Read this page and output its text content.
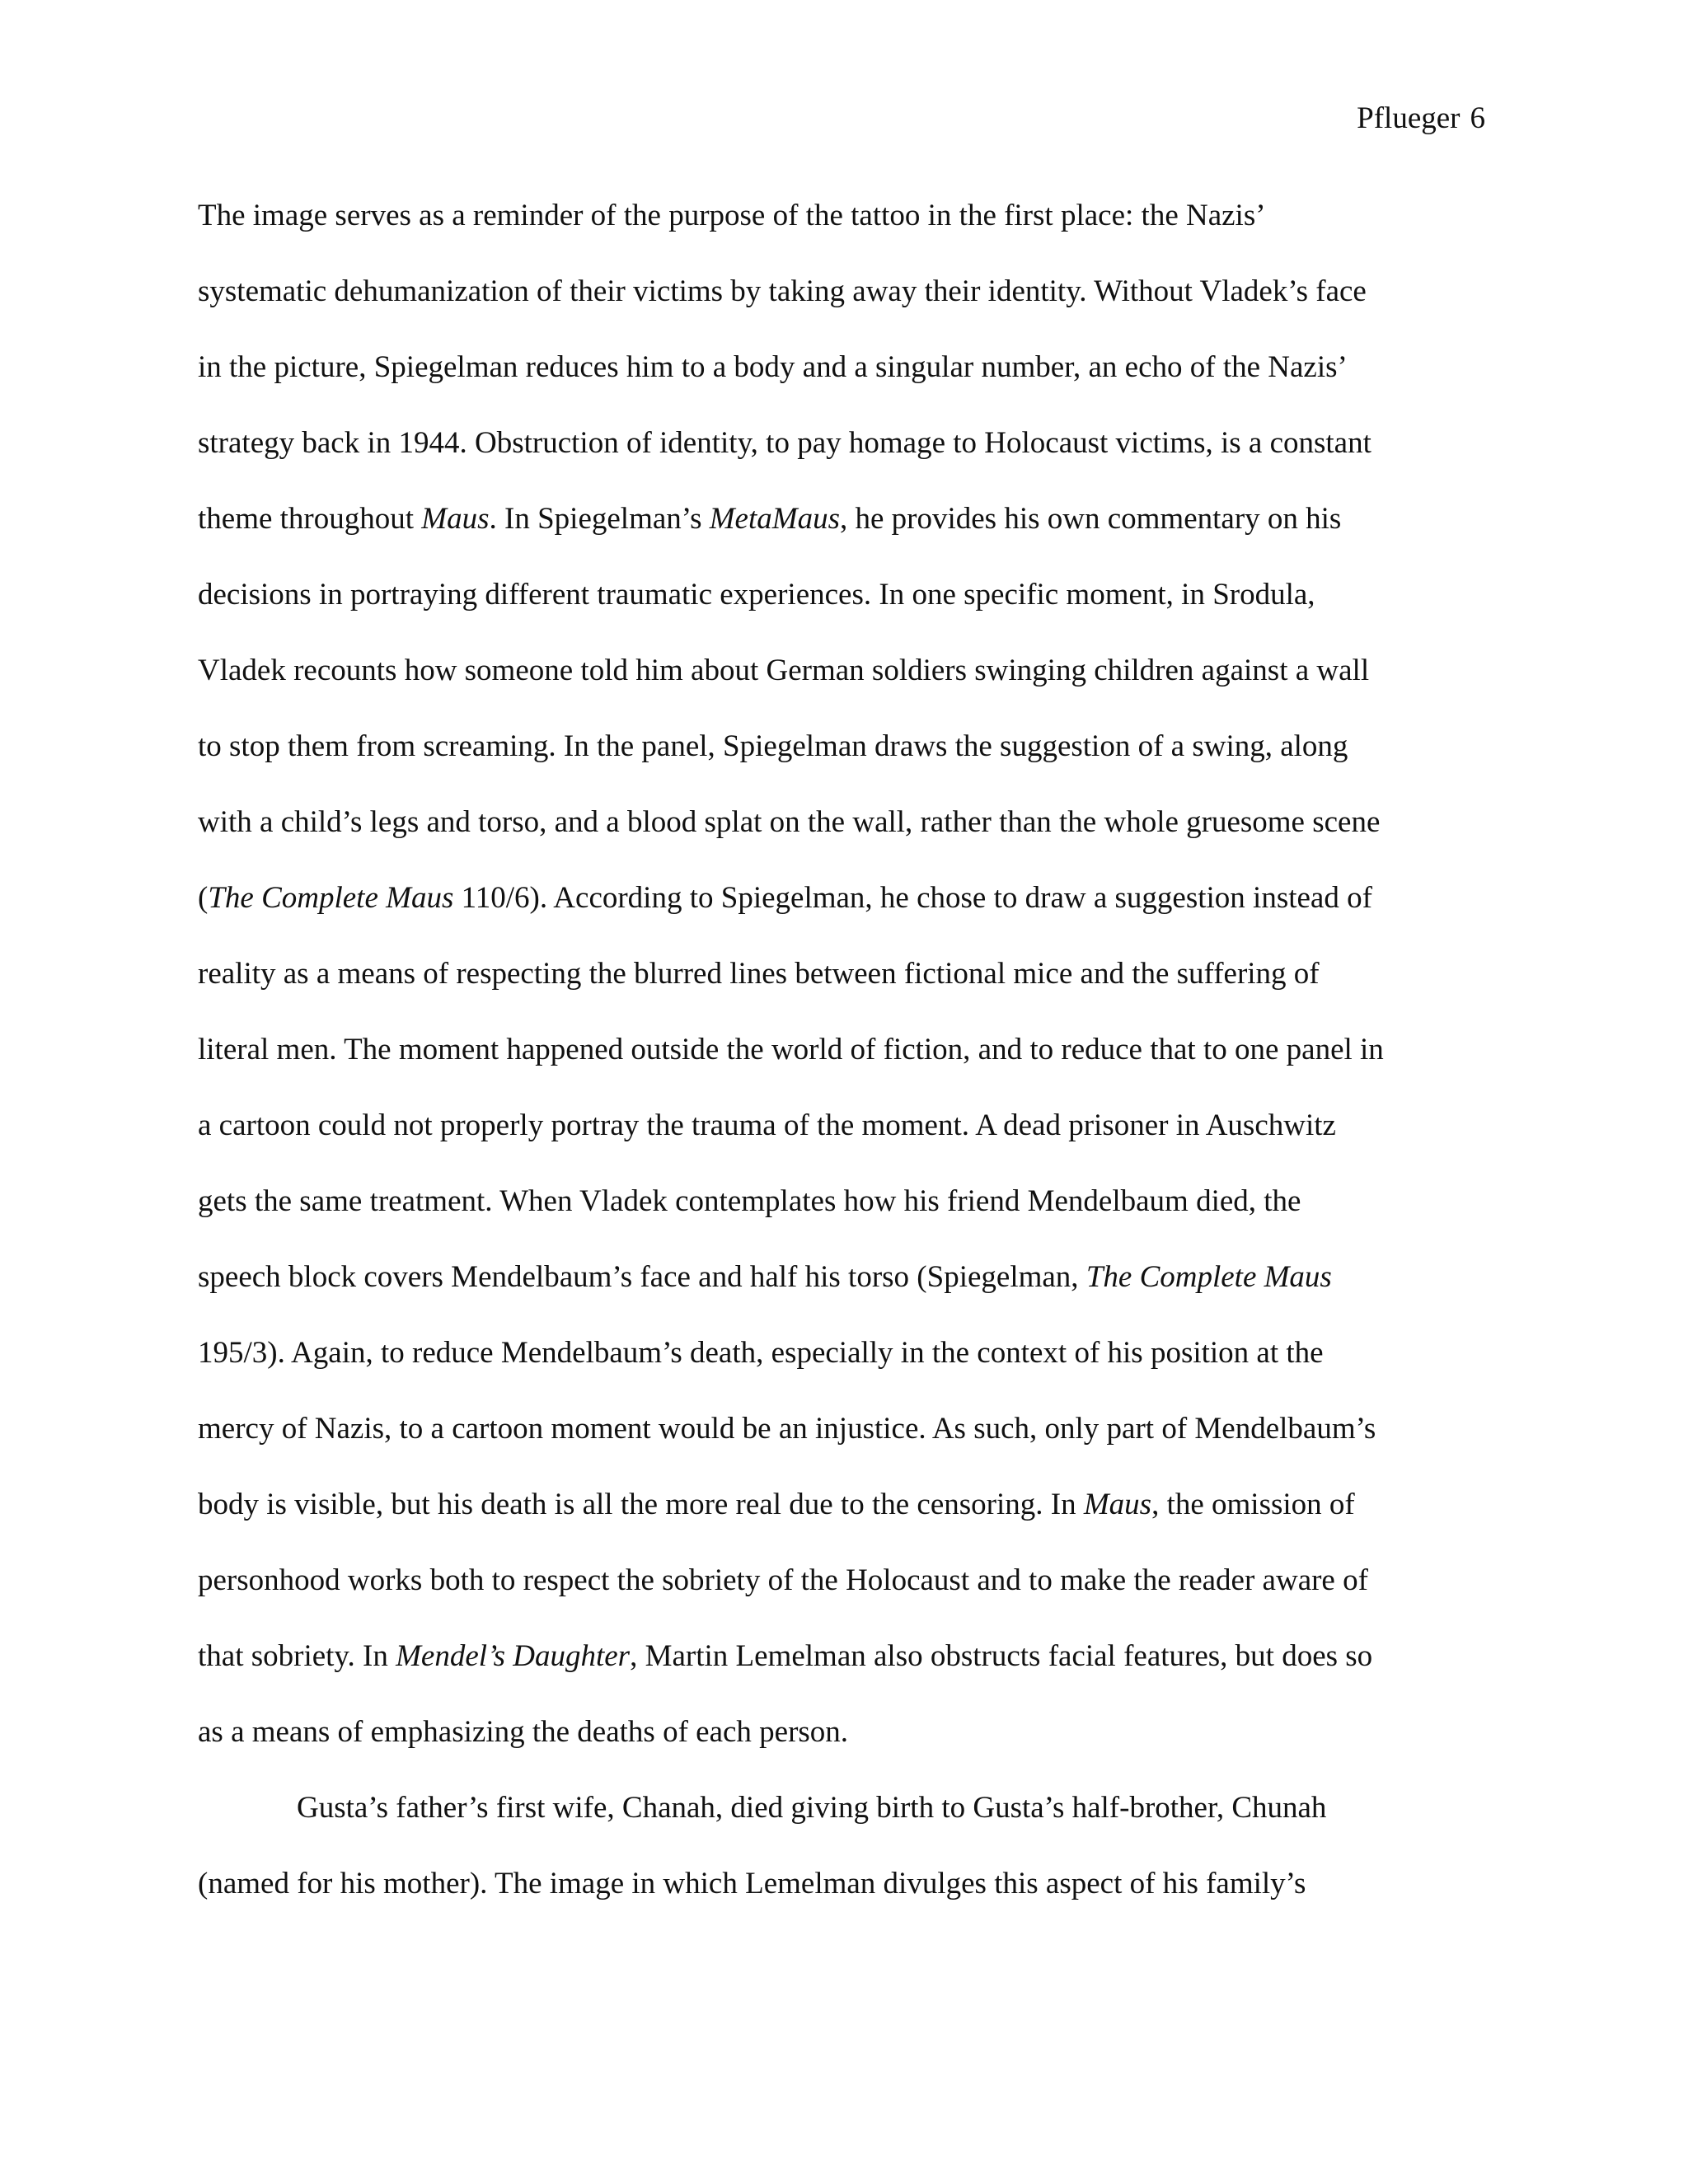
Pflueger 6
The image serves as a reminder of the purpose of the tattoo in the first place: the Nazis’
systematic dehumanization of their victims by taking away their identity. Without Vladek’s face
in the picture, Spiegelman reduces him to a body and a singular number, an echo of the Nazis’
strategy back in 1944. Obstruction of identity, to pay homage to Holocaust victims, is a constant
theme throughout Maus. In Spiegelman’s MetaMaus, he provides his own commentary on his
decisions in portraying different traumatic experiences. In one specific moment, in Srodula,
Vladek recounts how someone told him about German soldiers swinging children against a wall
to stop them from screaming. In the panel, Spiegelman draws the suggestion of a swing, along
with a child’s legs and torso, and a blood splat on the wall, rather than the whole gruesome scene
(The Complete Maus 110/6). According to Spiegelman, he chose to draw a suggestion instead of
reality as a means of respecting the blurred lines between fictional mice and the suffering of
literal men. The moment happened outside the world of fiction, and to reduce that to one panel in
a cartoon could not properly portray the trauma of the moment. A dead prisoner in Auschwitz
gets the same treatment. When Vladek contemplates how his friend Mendelbaum died, the
speech block covers Mendelbaum’s face and half his torso (Spiegelman, The Complete Maus
195/3). Again, to reduce Mendelbaum’s death, especially in the context of his position at the
mercy of Nazis, to a cartoon moment would be an injustice. As such, only part of Mendelbaum’s
body is visible, but his death is all the more real due to the censoring. In Maus, the omission of
personhood works both to respect the sobriety of the Holocaust and to make the reader aware of
that sobriety. In Mendel’s Daughter, Martin Lemelman also obstructs facial features, but does so
as a means of emphasizing the deaths of each person.
Gusta’s father’s first wife, Chanah, died giving birth to Gusta’s half-brother, Chunah
(named for his mother). The image in which Lemelman divulges this aspect of his family’s
